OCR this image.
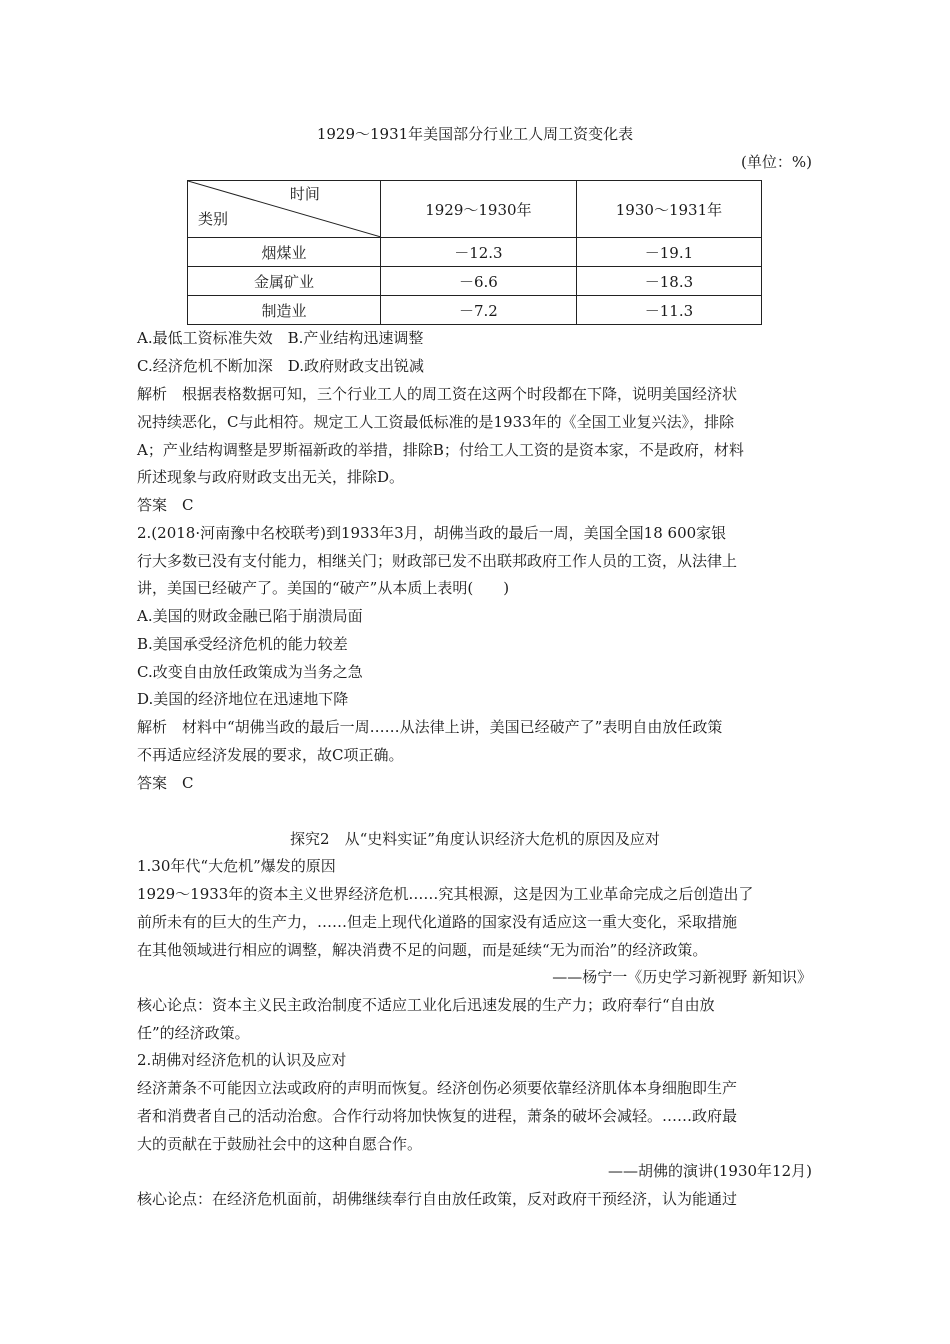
1929～1931年美国部分行业工人周工资变化表
(单位：%)
时间
类别	1929～1930年	1930～1931年
烟煤业	－12.3	－19.1
金属矿业	－6.6	－18.3
制造业	－7.2	－11.3
A.最低工资标准失效　B.产业结构迅速调整
C.经济危机不断加深　D.政府财政支出锐减
解析　根据表格数据可知，三个行业工人的周工资在这两个时段都在下降，说明美国经济状
况持续恶化，C与此相符。规定工人工资最低标准的是1933年的《全国工业复兴法》，排除
A；产业结构调整是罗斯福新政的举措，排除B；付给工人工资的是资本家，不是政府，材料
所述现象与政府财政支出无关，排除D。
答案　C
2.(2018·河南豫中名校联考)到1933年3月，胡佛当政的最后一周，美国全国18 600家银
行大多数已没有支付能力，相继关门；财政部已发不出联邦政府工作人员的工资，从法律上
讲，美国已经破产了。美国的“破产”从本质上表明(　　)
A.美国的财政金融已陷于崩溃局面
B.美国承受经济危机的能力较差
C.改变自由放任政策成为当务之急
D.美国的经济地位在迅速地下降
解析　材料中“胡佛当政的最后一周……从法律上讲，美国已经破产了”表明自由放任政策
不再适应经济发展的要求，故C项正确。
答案　C
探究2　从“史料实证”角度认识经济大危机的原因及应对
1.30年代“大危机”爆发的原因
1929～1933年的资本主义世界经济危机……究其根源，这是因为工业革命完成之后创造出了
前所未有的巨大的生产力，……但走上现代化道路的国家没有适应这一重大变化，采取措施
在其他领域进行相应的调整，解决消费不足的问题，而是延续“无为而治”的经济政策。
——杨宁一《历史学习新视野 新知识》
核心论点：资本主义民主政治制度不适应工业化后迅速发展的生产力；政府奉行“自由放
任”的经济政策。
2.胡佛对经济危机的认识及应对
经济萧条不可能因立法或政府的声明而恢复。经济创伤必须要依靠经济肌体本身细胞即生产
者和消费者自己的活动治愈。合作行动将加快恢复的进程，萧条的破坏会减轻。……政府最
大的贡献在于鼓励社会中的这种自愿合作。
——胡佛的演讲(1930年12月)
核心论点：在经济危机面前，胡佛继续奉行自由放任政策，反对政府干预经济，认为能通过
